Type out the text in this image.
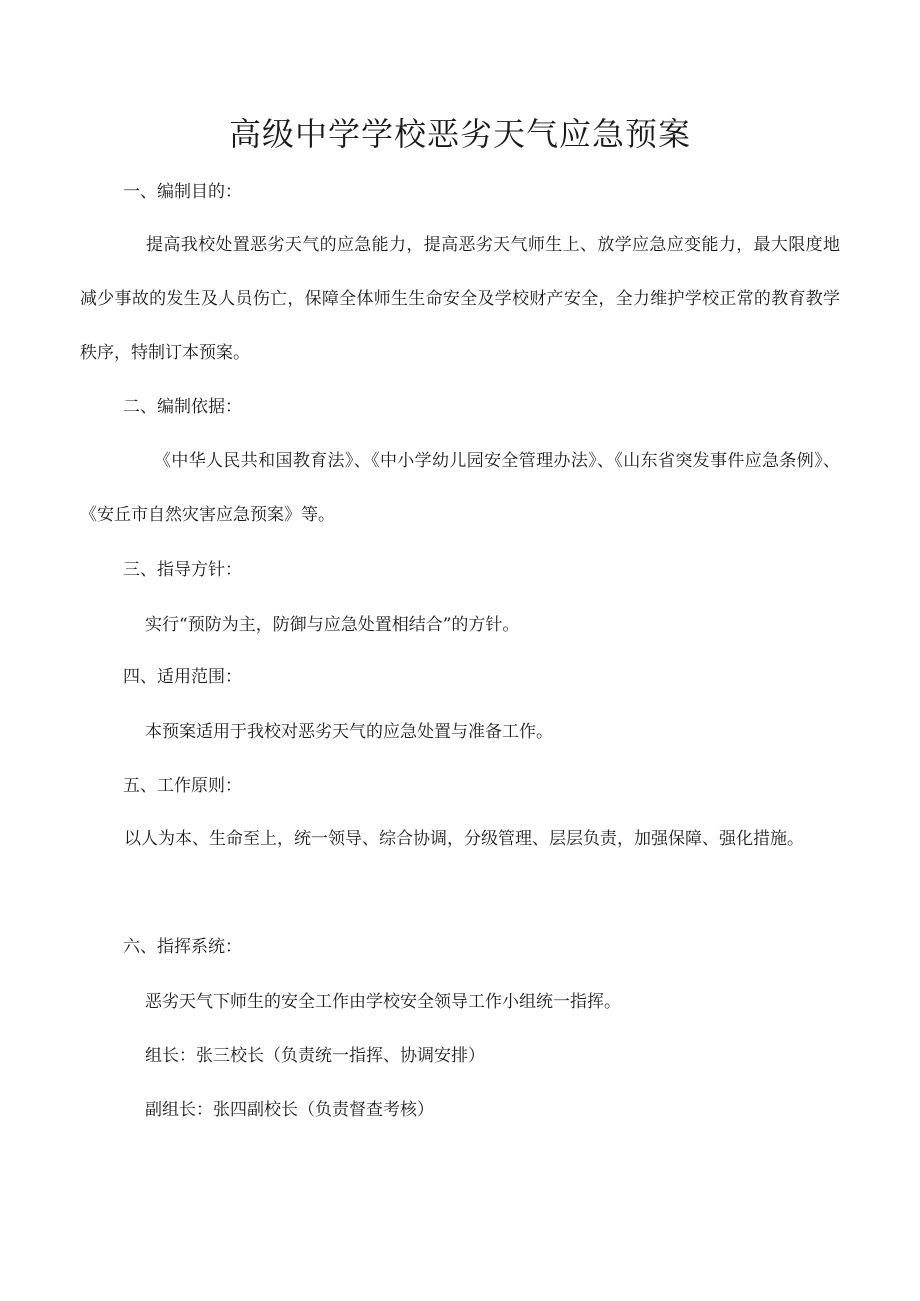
高级中学学校恶劣天气应急预案

一、编制目的：

提高我校处置恶劣天气的应急能力，提高恶劣天气师生上、放学应急应变能力，最大限度地减少事故的发生及人员伤亡，保障全体师生生命安全及学校财产安全，全力维护学校正常的教育教学秩序，特制订本预案。

二、编制依据：

《中华人民共和国教育法》、《中小学幼儿园安全管理办法》、《山东省突发事件应急条例》、《安丘市自然灾害应急预案》等。

三、指导方针：

实行“预防为主，防御与应急处置相结合”的方针。

四、适用范围：

本预案适用于我校对恶劣天气的应急处置与准备工作。

五、工作原则：

以人为本、生命至上，统一领导、综合协调，分级管理、层层负责，加强保障、强化措施。

六、指挥系统：

恶劣天气下师生的安全工作由学校安全领导工作小组统一指挥。

组长：张三校长（负责统一指挥、协调安排）

副组长：张四副校长（负责督查考核）
